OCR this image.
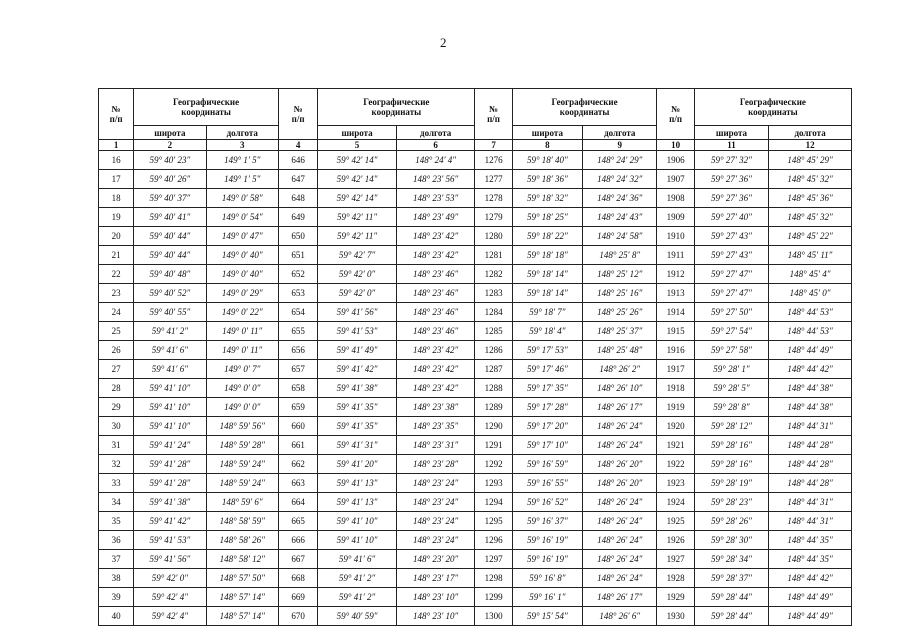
2
№
п/п	Географические
координаты		№
п/п	Географические
координаты		№
п/п	Географические
координаты		№
п/п	Географические
координаты	
	широта	долгота		широта	долгота		широта	долгота		широта	долгота
1	2	3	4	5	6	7	8	9	10	11	12
16	59° 40′ 23″	149° 1′ 5″	646	59° 42′ 14″	148° 24′ 4″	1276	59° 18′ 40″	148° 24′ 29″	1906	59° 27′ 32″	148° 45′ 29″
17	59° 40′ 26″	149° 1′ 5″	647	59° 42′ 14″	148° 23′ 56″	1277	59° 18′ 36″	148° 24′ 32″	1907	59° 27′ 36″	148° 45′ 32″
18	59° 40′ 37″	149° 0′ 58″	648	59° 42′ 14″	148° 23′ 53″	1278	59° 18′ 32″	148° 24′ 36″	1908	59° 27′ 36″	148° 45′ 36″
19	59° 40′ 41″	149° 0′ 54″	649	59° 42′ 11″	148° 23′ 49″	1279	59° 18′ 25″	148° 24′ 43″	1909	59° 27′ 40″	148° 45′ 32″
20	59° 40′ 44″	149° 0′ 47″	650	59° 42′ 11″	148° 23′ 42″	1280	59° 18′ 22″	148° 24′ 58″	1910	59° 27′ 43″	148° 45′ 22″
21	59° 40′ 44″	149° 0′ 40″	651	59° 42′ 7″	148° 23′ 42″	1281	59° 18′ 18″	148° 25′ 8″	1911	59° 27′ 43″	148° 45′ 11″
22	59° 40′ 48″	149° 0′ 40″	652	59° 42′ 0″	148° 23′ 46″	1282	59° 18′ 14″	148° 25′ 12″	1912	59° 27′ 47″	148° 45′ 4″
23	59° 40′ 52″	149° 0′ 29″	653	59° 42′ 0″	148° 23′ 46″	1283	59° 18′ 14″	148° 25′ 16″	1913	59° 27′ 47″	148° 45′ 0″
24	59° 40′ 55″	149° 0′ 22″	654	59° 41′ 56″	148° 23′ 46″	1284	59° 18′ 7″	148° 25′ 26″	1914	59° 27′ 50″	148° 44′ 53″
25	59° 41′ 2″	149° 0′ 11″	655	59° 41′ 53″	148° 23′ 46″	1285	59° 18′ 4″	148° 25′ 37″	1915	59° 27′ 54″	148° 44′ 53″
26	59° 41′ 6″	149° 0′ 11″	656	59° 41′ 49″	148° 23′ 42″	1286	59° 17′ 53″	148° 25′ 48″	1916	59° 27′ 58″	148° 44′ 49″
27	59° 41′ 6″	149° 0′ 7″	657	59° 41′ 42″	148° 23′ 42″	1287	59° 17′ 46″	148° 26′ 2″	1917	59° 28′ 1″	148° 44′ 42″
28	59° 41′ 10″	149° 0′ 0″	658	59° 41′ 38″	148° 23′ 42″	1288	59° 17′ 35″	148° 26′ 10″	1918	59° 28′ 5″	148° 44′ 38″
29	59° 41′ 10″	149° 0′ 0″	659	59° 41′ 35″	148° 23′ 38″	1289	59° 17′ 28″	148° 26′ 17″	1919	59° 28′ 8″	148° 44′ 38″
30	59° 41′ 10″	148° 59′ 56″	660	59° 41′ 35″	148° 23′ 35″	1290	59° 17′ 20″	148° 26′ 24″	1920	59° 28′ 12″	148° 44′ 31″
31	59° 41′ 24″	148° 59′ 28″	661	59° 41′ 31″	148° 23′ 31″	1291	59° 17′ 10″	148° 26′ 24″	1921	59° 28′ 16″	148° 44′ 28″
32	59° 41′ 28″	148° 59′ 24″	662	59° 41′ 20″	148° 23′ 28″	1292	59° 16′ 59″	148° 26′ 20″	1922	59° 28′ 16″	148° 44′ 28″
33	59° 41′ 28″	148° 59′ 24″	663	59° 41′ 13″	148° 23′ 24″	1293	59° 16′ 55″	148° 26′ 20″	1923	59° 28′ 19″	148° 44′ 28″
34	59° 41′ 38″	148° 59′ 6″	664	59° 41′ 13″	148° 23′ 24″	1294	59° 16′ 52″	148° 26′ 24″	1924	59° 28′ 23″	148° 44′ 31″
35	59° 41′ 42″	148° 58′ 59″	665	59° 41′ 10″	148° 23′ 24″	1295	59° 16′ 37″	148° 26′ 24″	1925	59° 28′ 26″	148° 44′ 31″
36	59° 41′ 53″	148° 58′ 26″	666	59° 41′ 10″	148° 23′ 24″	1296	59° 16′ 19″	148° 26′ 24″	1926	59° 28′ 30″	148° 44′ 35″
37	59° 41′ 56″	148° 58′ 12″	667	59° 41′ 6″	148° 23′ 20″	1297	59° 16′ 19″	148° 26′ 24″	1927	59° 28′ 34″	148° 44′ 35″
38	59° 42′ 0″	148° 57′ 50″	668	59° 41′ 2″	148° 23′ 17″	1298	59° 16′ 8″	148° 26′ 24″	1928	59° 28′ 37″	148° 44′ 42″
39	59° 42′ 4″	148° 57′ 14″	669	59° 41′ 2″	148° 23′ 10″	1299	59° 16′ 1″	148° 26′ 17″	1929	59° 28′ 44″	148° 44′ 49″
40	59° 42′ 4″	148° 57′ 14″	670	59° 40′ 59″	148° 23′ 10″	1300	59° 15′ 54″	148° 26′ 6″	1930	59° 28′ 44″	148° 44′ 49″
